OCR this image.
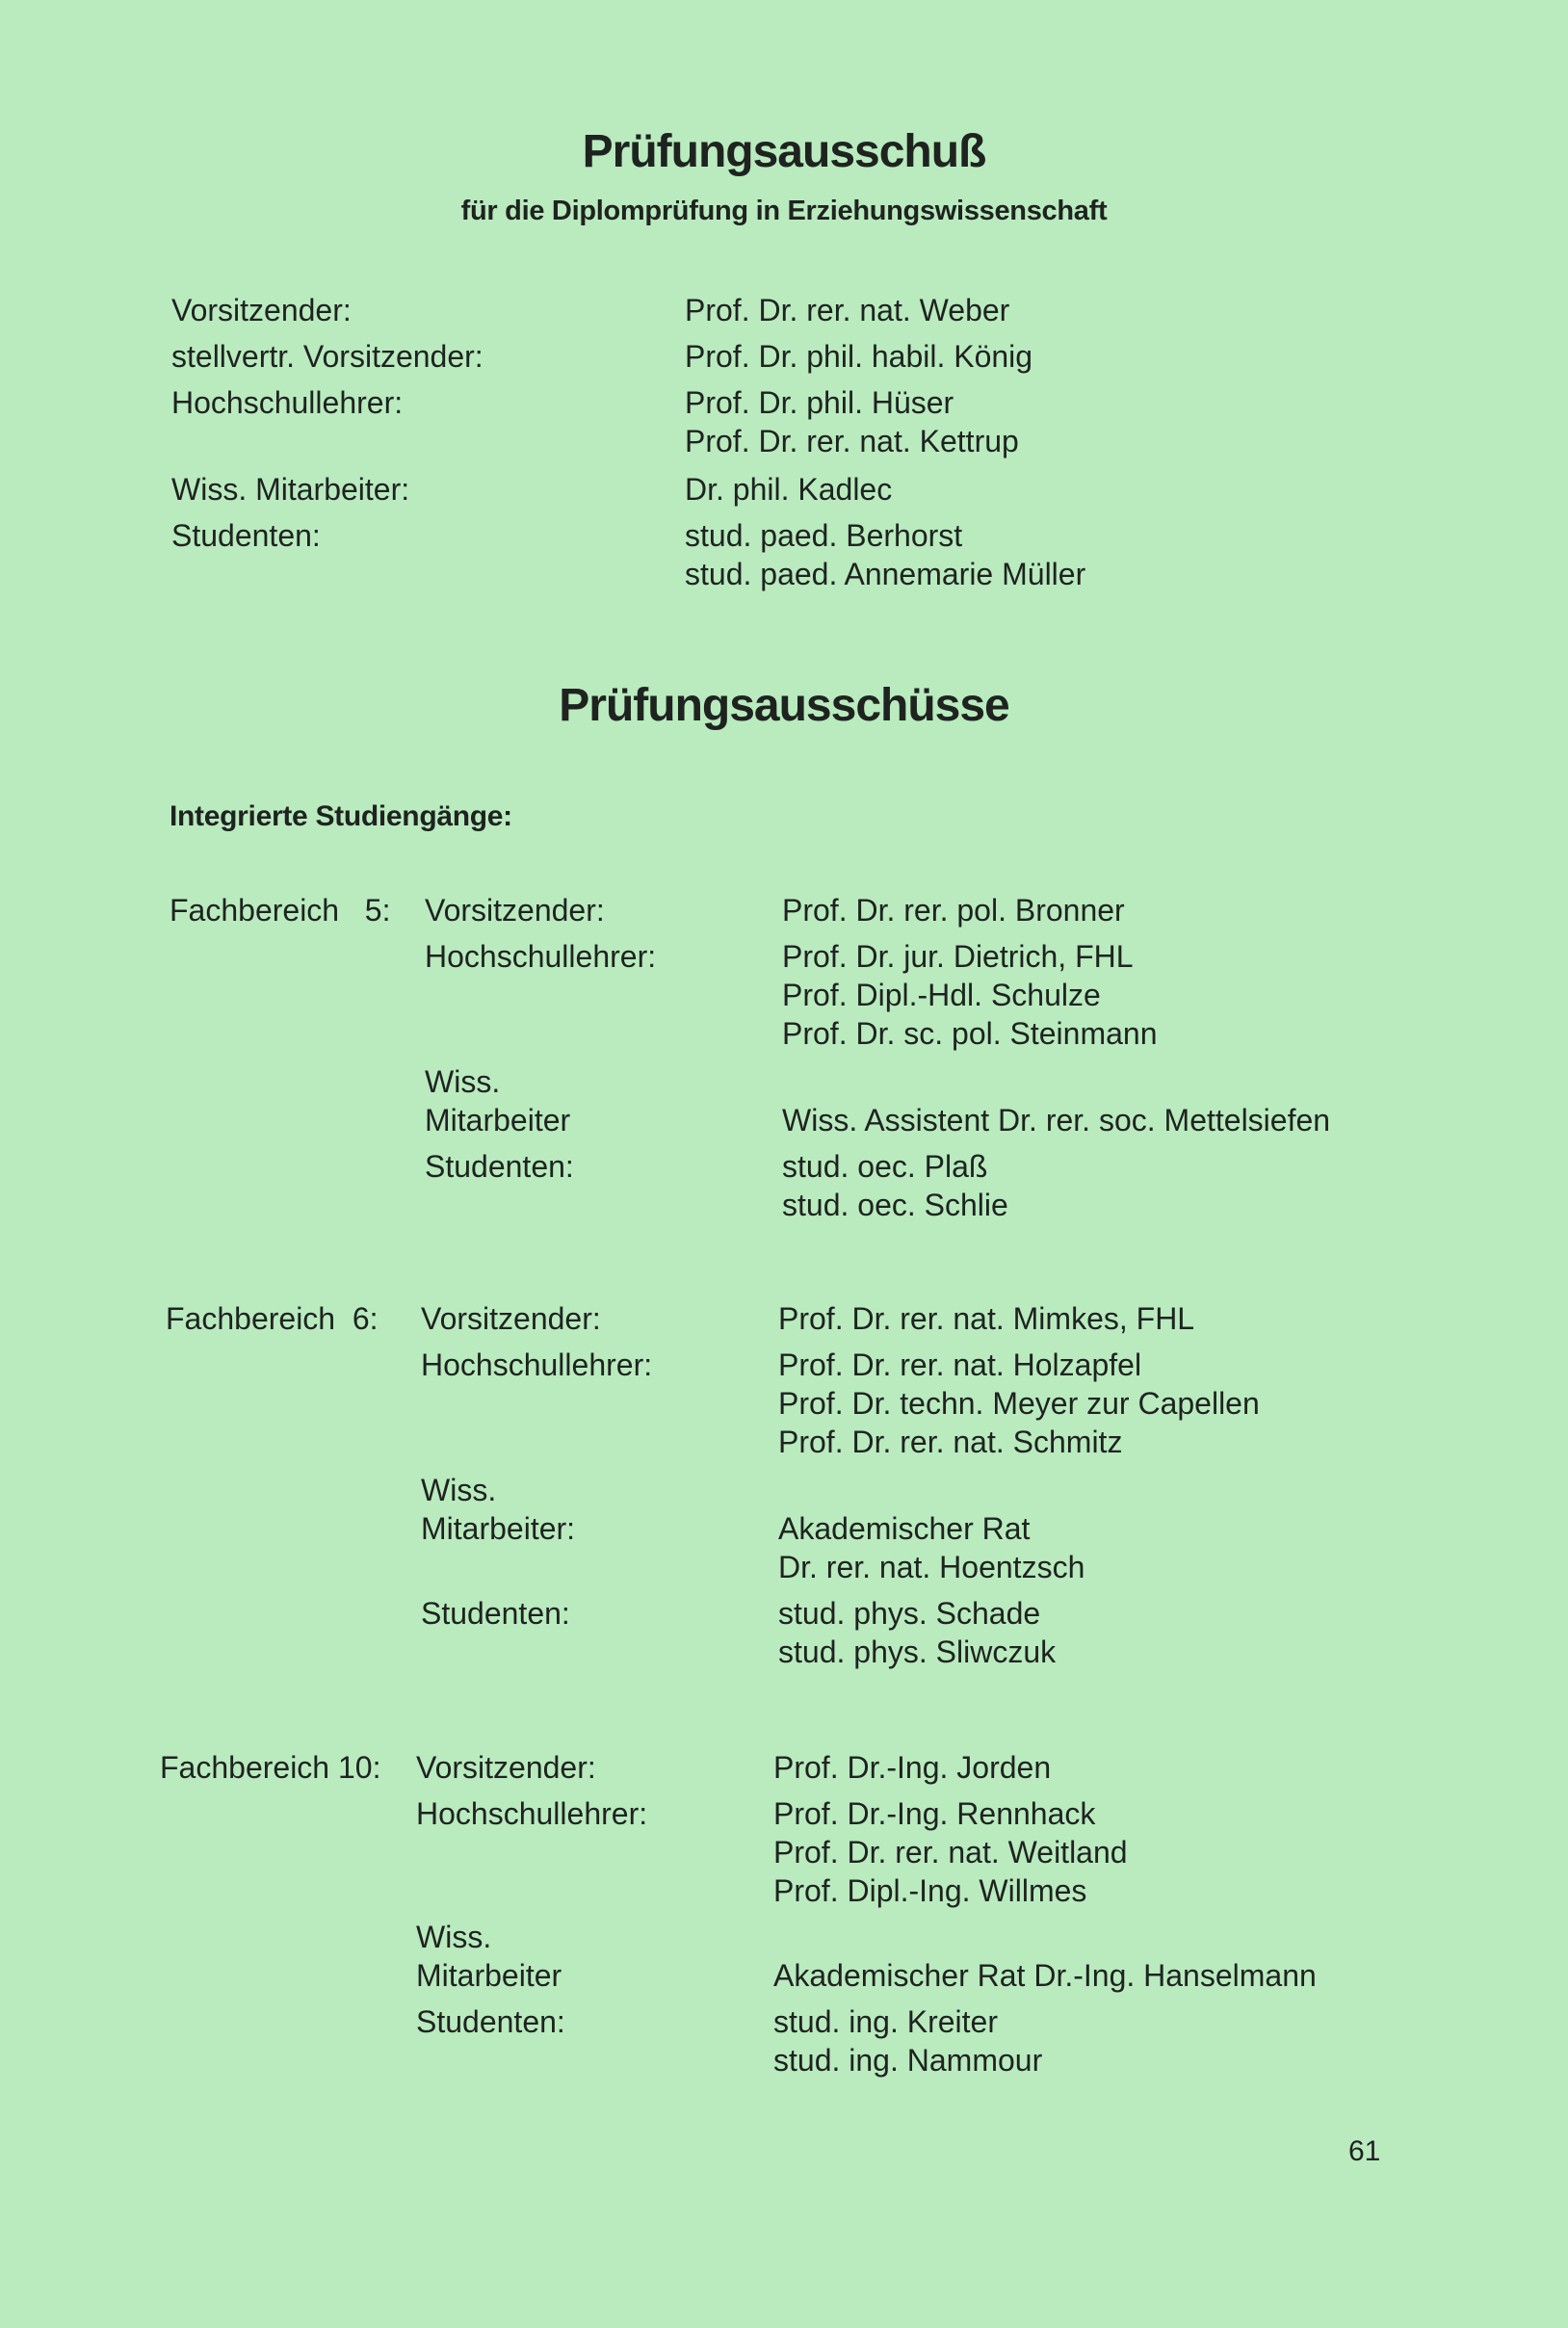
Prüfungsausschuß
für die Diplomprüfung in Erziehungswissenschaft
Vorsitzender:	Prof. Dr. rer. nat. Weber
stellvertr. Vorsitzender:	Prof. Dr. phil. habil. König
Hochschullehrer:	Prof. Dr. phil. Hüser
Prof. Dr. rer. nat. Kettrup
Wiss. Mitarbeiter:	Dr. phil. Kadlec
Studenten:	stud. paed. Berhorst
stud. paed. Annemarie Müller
Prüfungsausschüsse
Integrierte Studiengänge:
Fachbereich   5: Vorsitzender:	Prof. Dr. rer. pol. Bronner
Hochschullehrer:	Prof. Dr. jur. Dietrich, FHL
Prof. Dipl.-Hdl. Schulze
Prof. Dr. sc. pol. Steinmann
Wiss.
Mitarbeiter	Wiss. Assistent Dr. rer. soc. Mettelsiefen
Studenten:	stud. oec. Plaß
stud. oec. Schlie
Fachbereich  6: Vorsitzender:	Prof. Dr. rer. nat. Mimkes, FHL
Hochschullehrer:	Prof. Dr. rer. nat. Holzapfel
Prof. Dr. techn. Meyer zur Capellen
Prof. Dr. rer. nat. Schmitz
Wiss.
Mitarbeiter:	Akademischer Rat
Dr. rer. nat. Hoentzsch
Studenten:	stud. phys. Schade
stud. phys. Sliwczuk
Fachbereich 10: Vorsitzender:	Prof. Dr.-Ing. Jorden
Hochschullehrer:	Prof. Dr.-Ing. Rennhack
Prof. Dr. rer. nat. Weitland
Prof. Dipl.-Ing. Willmes
Wiss.
Mitarbeiter	Akademischer Rat Dr.-Ing. Hanselmann
Studenten:	stud. ing. Kreiter
stud. ing. Nammour
61
